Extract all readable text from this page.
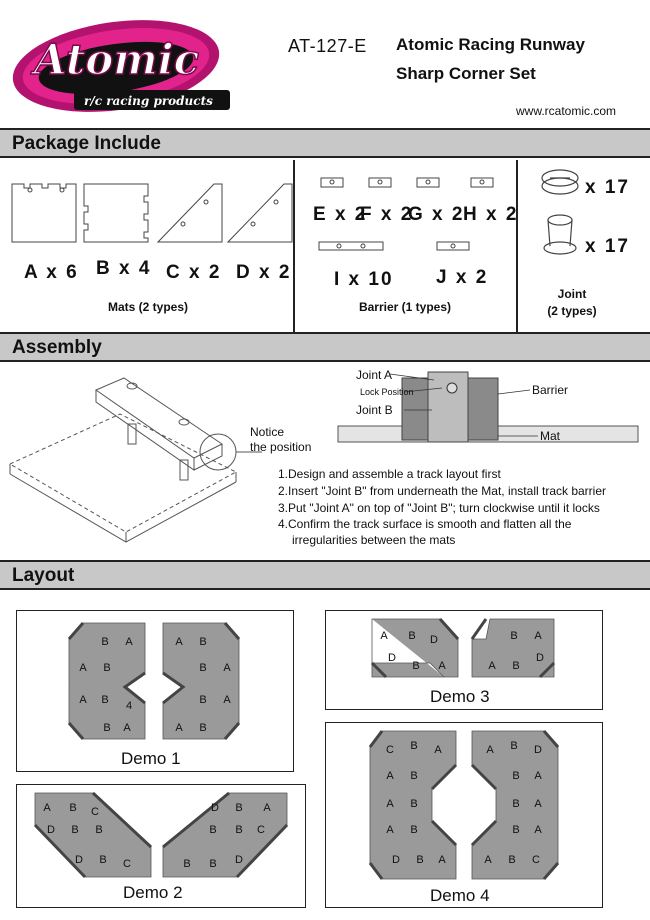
Atomic
r/c racing products
AT-127-E Atomic Racing Runway
Sharp Corner Set
www.rcatomic.com
Package Include
A x 6 B x 4 C x 2 D x 2
Mats (2 types)
E x 2
F x 2
G x 2
H x 2
I x 10 J x 2
Barrier (1 types)
x 17
x 17
Joint
(2 types)
Assembly
Notice
the position
Joint A
Lock Position
Joint B
Barrier
Mat
1.Design and assemble a track layout first
2.Insert "Joint B" from underneath the Mat, install track barrier
3.Put "Joint A" on top of "Joint B"; turn clockwise until it locks
4.Confirm the track surface is smooth and flatten all the
irregularities between the mats
Layout
B A
A B
A B 4
B A
A B
B A
B A
A B
Demo 1
A B D
D
B A
B A
A B
D
Demo 3
A B C
D B B
D B C
D B A
B B C
B B D
Demo 2
C B A
A B
A B
A B
D B A
A B D
B A
B A
B A
A B C
Demo 4
